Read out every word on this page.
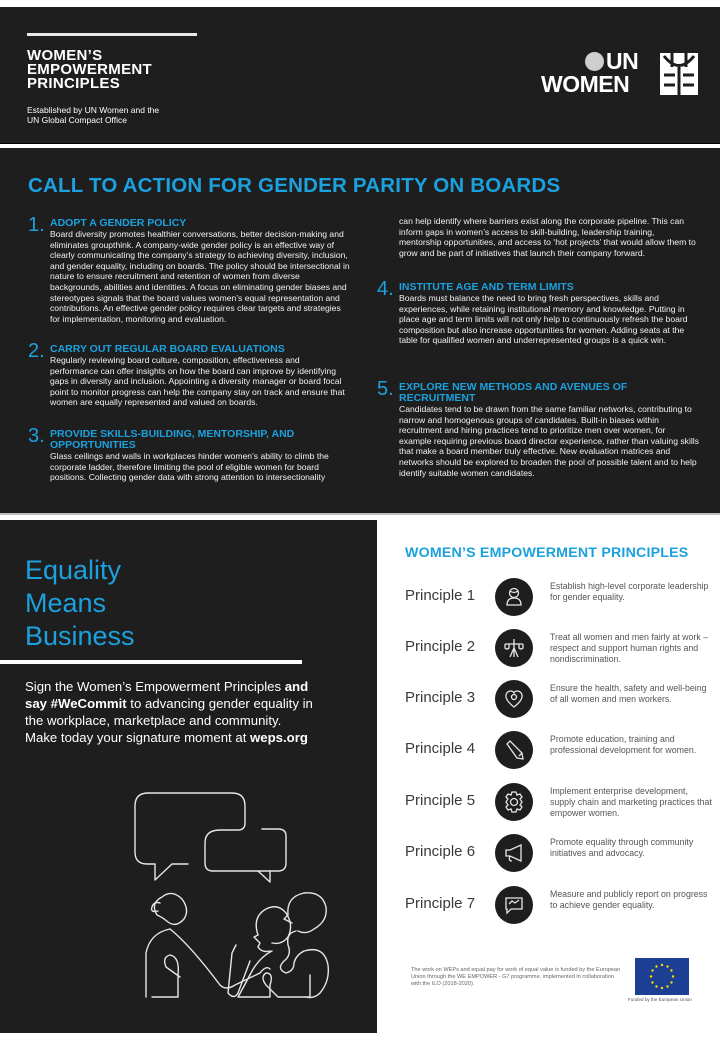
WOMEN’S
EMPOWERMENT
PRINCIPLES
Established by UN Women and the
UN Global Compact Office
UN
WOMEN
CALL TO ACTION FOR GENDER PARITY ON BOARDS
1. ADOPT A GENDER POLICY
Board diversity promotes healthier conversations, better decision-making and eliminates groupthink. A company-wide gender policy is an effective way of clearly communicating the company’s strategy to achieving diversity, inclusion, and gender equality, including on boards. The policy should be intersectional in nature to ensure recruitment and retention of women from diverse backgrounds, abilities and identities. A focus on eliminating gender biases and stereotypes signals that the board values women’s equal representation and contributions. An effective gender policy requires clear targets and strategies for implementation, monitoring and evaluation.
2. CARRY OUT REGULAR BOARD EVALUATIONS
Regularly reviewing board culture, composition, effectiveness and performance can offer insights on how the board can improve by identifying gaps in diversity and inclusion. Appointing a diversity manager or board focal point to monitor progress can help the company stay on track and ensure that women are equally represented and valued on boards.
3. PROVIDE SKILLS-BUILDING, MENTORSHIP, AND OPPORTUNITIES
Glass ceilings and walls in workplaces hinder women’s ability to climb the corporate ladder, therefore limiting the pool of eligible women for board positions. Collecting gender data with strong attention to intersectionality
can help identify where barriers exist along the corporate pipeline. This can inform gaps in women’s access to skill-building, leadership training, mentorship opportunities, and access to ‘hot projects’ that would allow them to grow and be part of initiatives that launch their company forward.
4. INSTITUTE AGE AND TERM LIMITS
Boards must balance the need to bring fresh perspectives, skills and experiences, while retaining institutional memory and knowledge. Putting in place age and term limits will not only help to continuously refresh the board composition but also increase opportunities for women. Adding seats at the table for qualified women and underrepresented groups is a quick win.
5. EXPLORE NEW METHODS AND AVENUES OF RECRUITMENT
Candidates tend to be drawn from the same familiar networks, contributing to narrow and homogenous groups of candidates. Built-in biases within recruitment and hiring practices tend to prioritize men over women, for example requiring previous board director experience, rather than valuing skills that make a board member truly effective. New evaluation matrices and networks should be explored to broaden the pool of possible talent and to help identify suitable women candidates.
Equality
Means
Business
Sign the Women’s Empowerment Principles and say #WeCommit to advancing gender equality in the workplace, marketplace and community. Make today your signature moment at weps.org
WOMEN’S EMPOWERMENT PRINCIPLES
Principle 1
Establish high-level corporate leadership for gender equality.
Principle 2
Treat all women and men fairly at work – respect and support human rights and nondiscrimination.
Principle 3
Ensure the health, safety and well-being of all women and men workers.
Principle 4
Promote education, training and professional development for women.
Principle 5
Implement enterprise development, supply chain and marketing practices that empower women.
Principle 6
Promote equality through community initiatives and advocacy.
Principle 7
Measure and publicly report on progress to achieve gender equality.
The work on WEPs and equal pay for work of equal value is funded by the European Union through the WE EMPOWER - G7 programme, implemented in collaboration with the ILO (2018-2020).
Funded by the European Union
